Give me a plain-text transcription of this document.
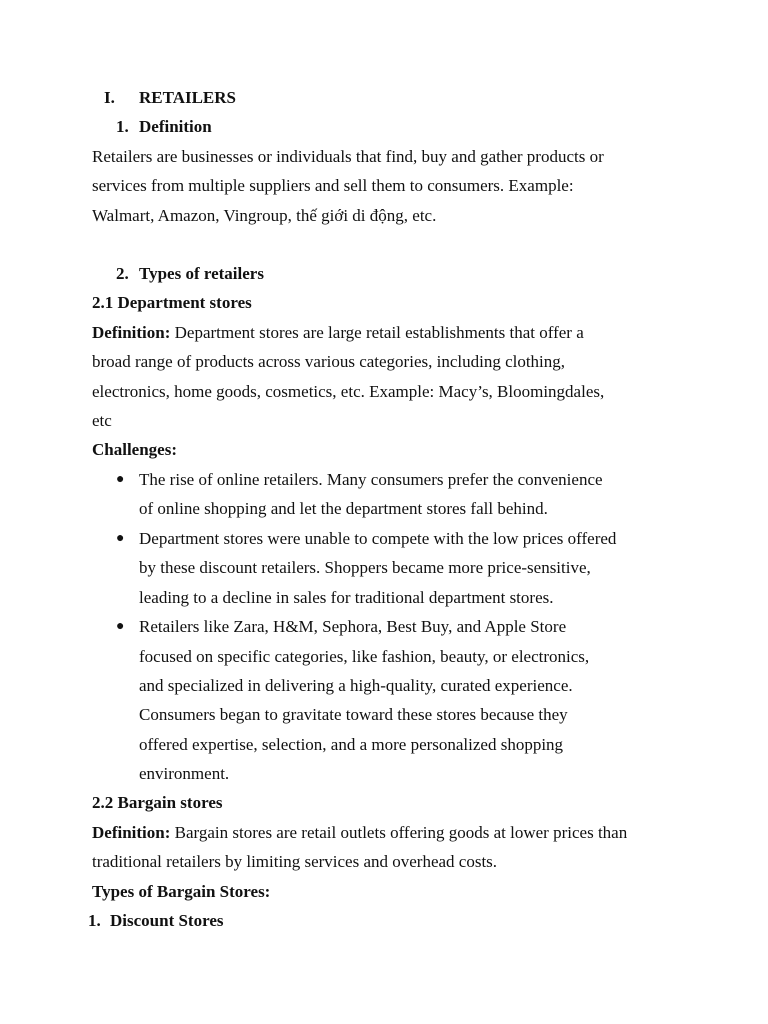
I. RETAILERS
1. Definition
Retailers are businesses or individuals that find, buy and gather products or
services from multiple suppliers and sell them to consumers. Example:
Walmart, Amazon, Vingroup, thế giới di động, etc.
2. Types of retailers
2.1 Department stores
Definition: Department stores are large retail establishments that offer a
broad range of products across various categories, including clothing,
electronics, home goods, cosmetics, etc. Example: Macy’s, Bloomingdales,
etc
Challenges:
● The rise of online retailers. Many consumers prefer the convenience
of online shopping and let the department stores fall behind.
● Department stores were unable to compete with the low prices offered
by these discount retailers. Shoppers became more price-sensitive,
leading to a decline in sales for traditional department stores.
● Retailers like Zara, H&M, Sephora, Best Buy, and Apple Store
focused on specific categories, like fashion, beauty, or electronics,
and specialized in delivering a high-quality, curated experience.
Consumers began to gravitate toward these stores because they
offered expertise, selection, and a more personalized shopping
environment.
2.2 Bargain stores
Definition: Bargain stores are retail outlets offering goods at lower prices than
traditional retailers by limiting services and overhead costs.
Types of Bargain Stores:
1. Discount Stores
